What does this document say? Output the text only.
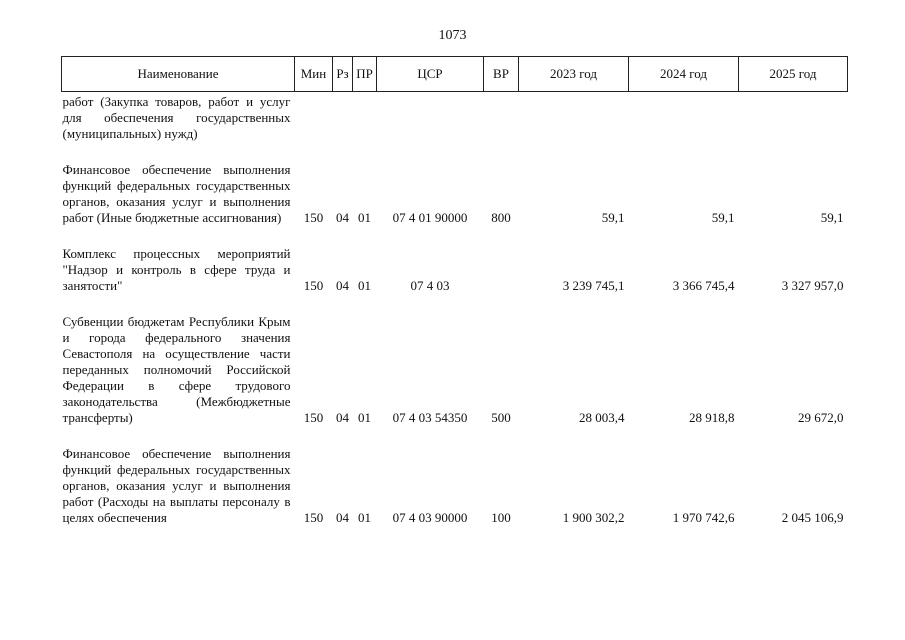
1073
Наименование	Мин	Рз	ПР	ЦСР	ВР	2023 год	2024 год	2025 год
работ (Закупка товаров, работ и услуг для обеспечения государственных (муниципальных) нужд)								

Финансовое обеспечение выполнения функций федеральных государственных органов, оказания услуг и выполнения работ (Иные бюджетные ассигнования)	150	04	01	07 4 01 90000	800	59,1	59,1	59,1

Комплекс процессных мероприятий "Надзор и контроль в сфере труда и занятости"	150	04	01	07 4 03		3 239 745,1	3 366 745,4	3 327 957,0

Субвенции бюджетам Республики Крым и города федерального значения Севастополя на осуществление части переданных полномочий Российской Федерации в сфере трудового законодательства (Межбюджетные трансферты)	150	04	01	07 4 03 54350	500	28 003,4	28 918,8	29 672,0

Финансовое обеспечение выполнения функций федеральных государственных органов, оказания услуг и выполнения работ (Расходы на выплаты персоналу в целях обеспечения	150	04	01	07 4 03 90000	100	1 900 302,2	1 970 742,6	2 045 106,9
